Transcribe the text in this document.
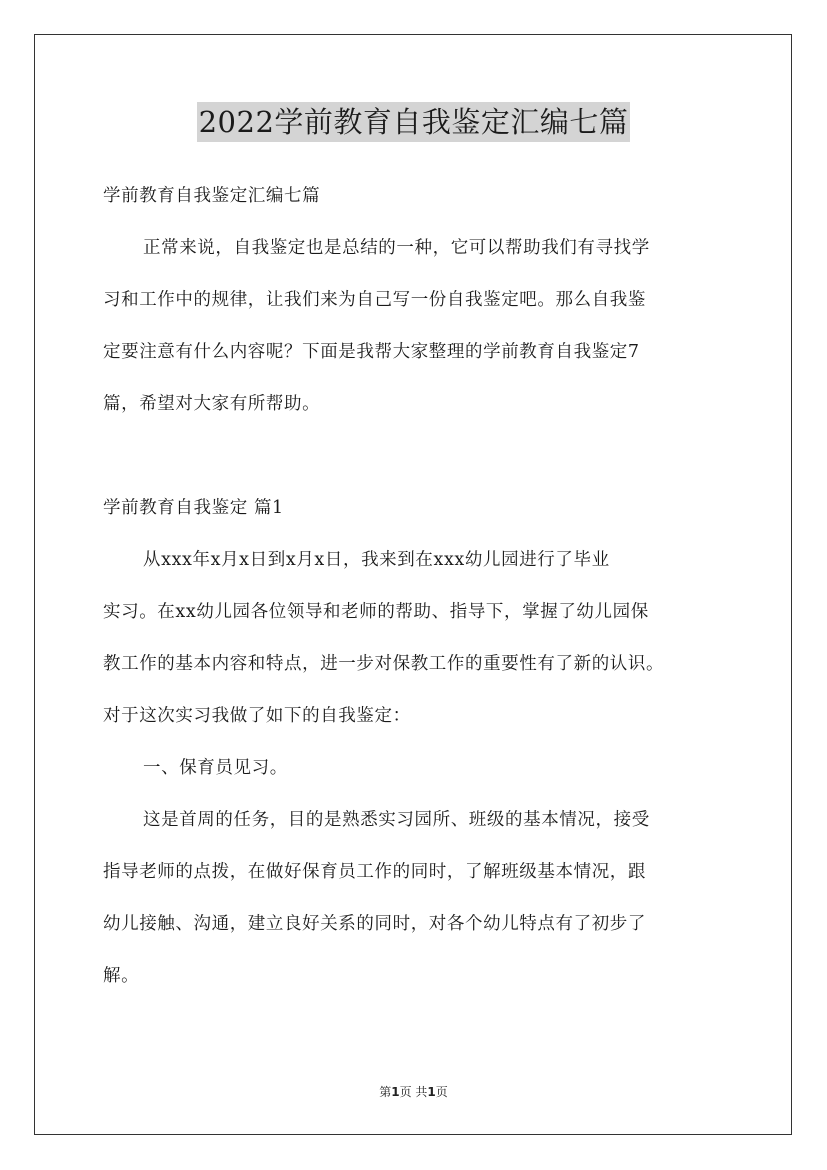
2022学前教育自我鉴定汇编七篇
学前教育自我鉴定汇编七篇
正常来说，自我鉴定也是总结的一种，它可以帮助我们有寻找学
习和工作中的规律，让我们来为自己写一份自我鉴定吧。那么自我鉴
定要注意有什么内容呢？下面是我帮大家整理的学前教育自我鉴定7
篇，希望对大家有所帮助。
学前教育自我鉴定 篇1
从xxx年x月x日到x月x日，我来到在xxx幼儿园进行了毕业
实习。在xx幼儿园各位领导和老师的帮助、指导下，掌握了幼儿园保
教工作的基本内容和特点，进一步对保教工作的重要性有了新的认识。
对于这次实习我做了如下的自我鉴定：
一、保育员见习。
这是首周的任务，目的是熟悉实习园所、班级的基本情况，接受
指导老师的点拨，在做好保育员工作的同时，了解班级基本情况，跟
幼儿接触、沟通，建立良好关系的同时，对各个幼儿特点有了初步了
解。
第1页 共1页
